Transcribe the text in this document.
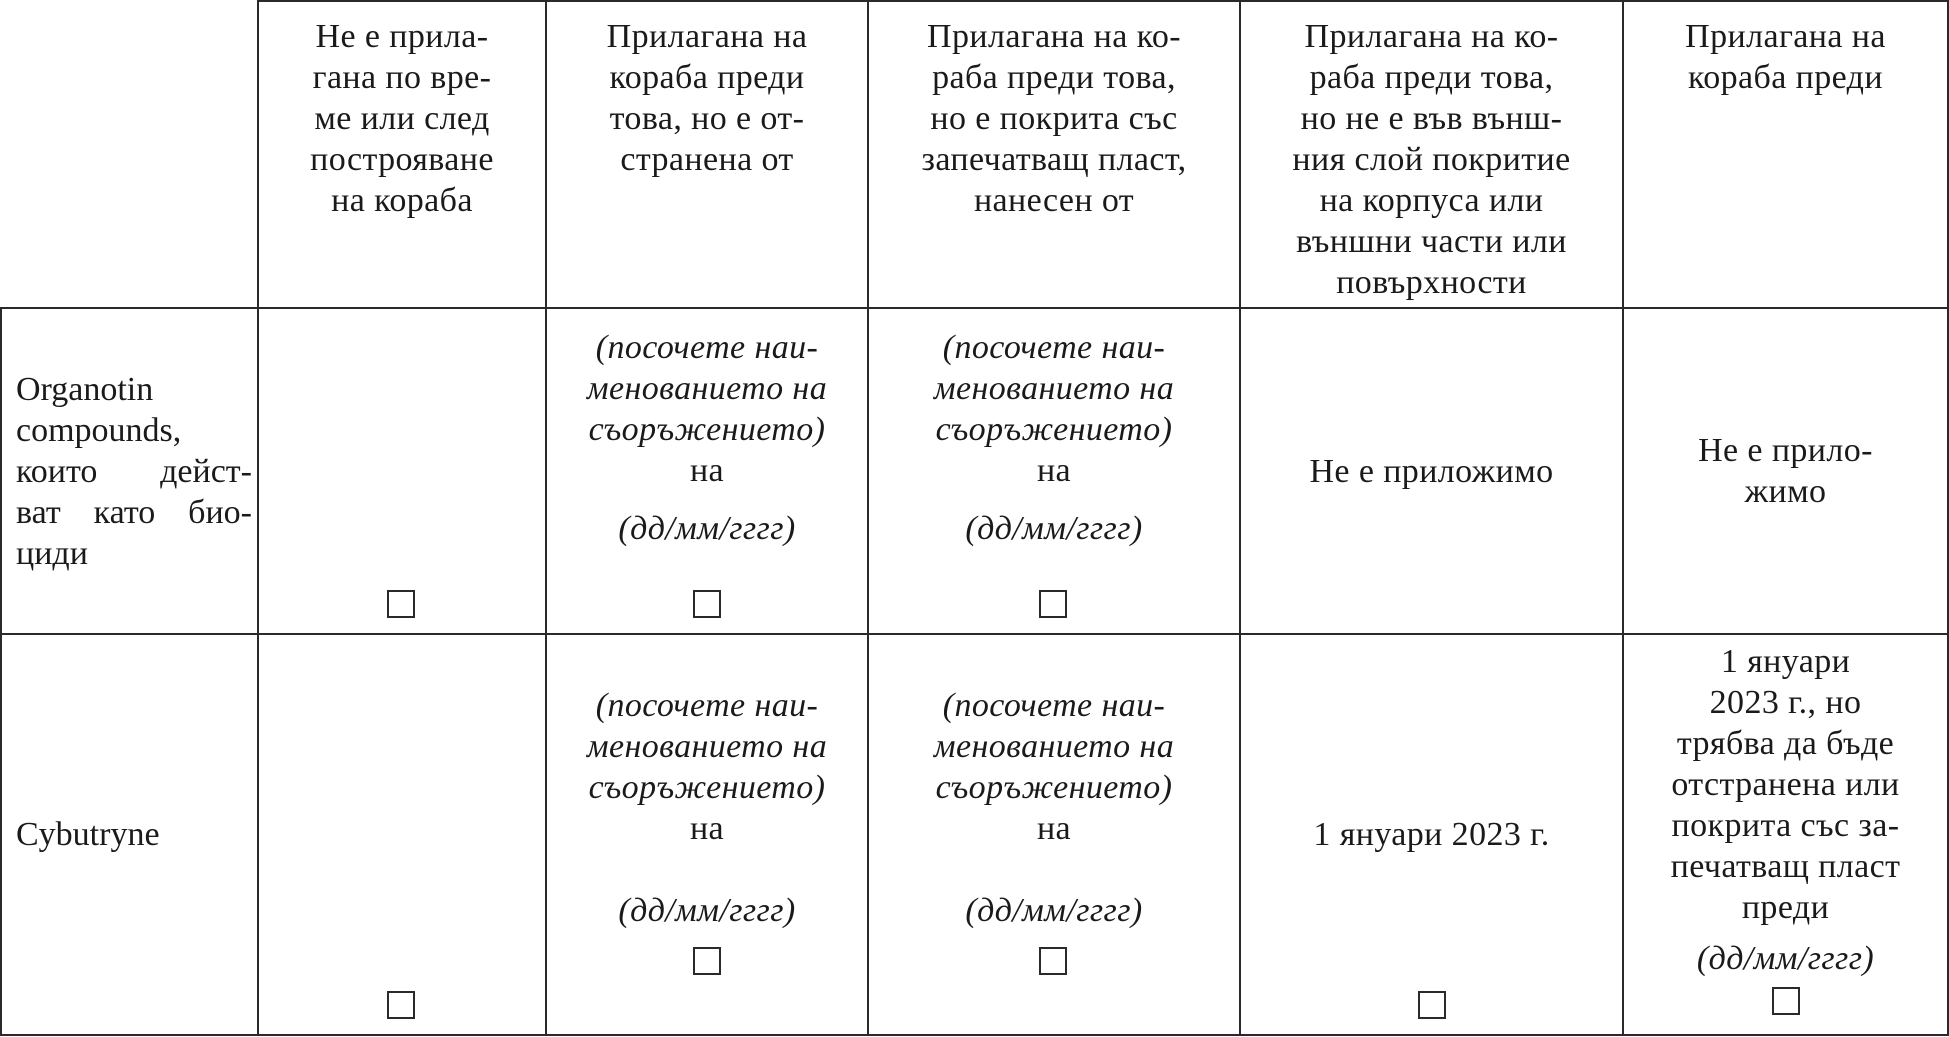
Не е прила-
гана по вре-
ме или след
построяване
на кораба
Прилагана на
кораба преди
това, но е от-
странена от
Прилагана на ко-
раба преди това,
но е покрита със
запечатващ пласт,
нанесен от
Прилагана на ко-
раба преди това,
но не е във външ-
ния слой покритие
на корпуса или
външни части или
повърхности
Прилагана на
кораба преди
Organotin
compounds,
които дейст-
ват като био-
циди
(посочете наи-
менованието на
съоръжението)
на
(дд/мм/гггг)
(посочете наи-
менованието на
съоръжението)
на
(дд/мм/гггг)
Не е приложимо
Не е прило-
жимо
Cybutryne
(посочете наи-
менованието на
съоръжението)
на
(дд/мм/гггг)
(посочете наи-
менованието на
съоръжението)
на
(дд/мм/гггг)
1 януари 2023 г.
1 януари
2023 г., но
трябва да бъде
отстранена или
покрита със за-
печатващ пласт
преди
(дд/мм/гггг)
